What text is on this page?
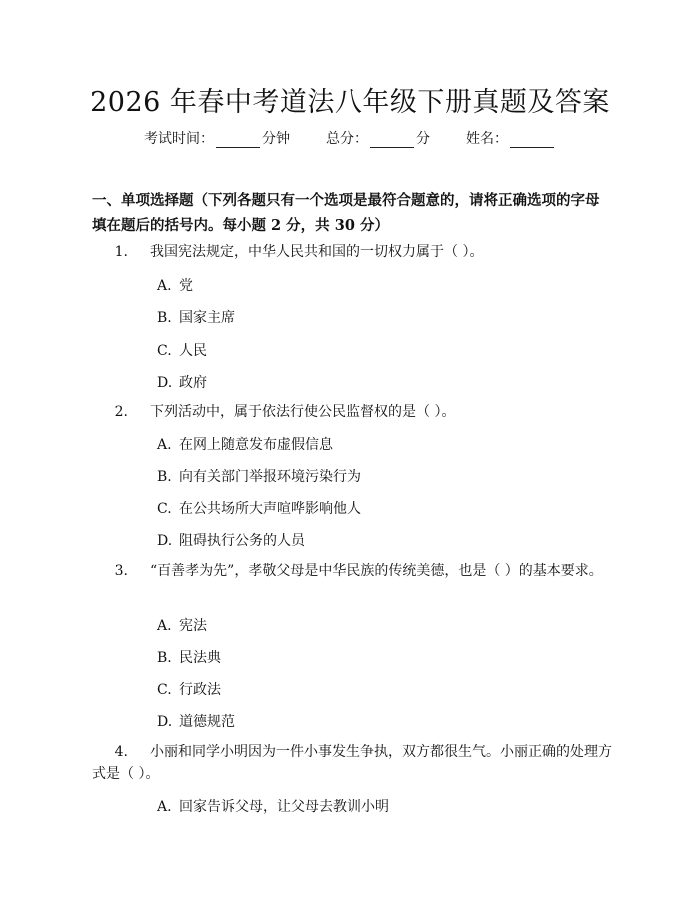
2026 年春中考道法八年级下册真题及答案
考试时间：	分钟	总分：	分	姓名：
一、单项选择题（下列各题只有一个选项是最符合题意的，请将正确选项的字母填在题后的括号内。每小题 2 分，共 30 分）
1. 我国宪法规定，中华人民共和国的一切权力属于（ ）。
A. 党
B. 国家主席
C. 人民
D. 政府
2. 下列活动中，属于依法行使公民监督权的是（ ）。
A. 在网上随意发布虚假信息
B. 向有关部门举报环境污染行为
C. 在公共场所大声喧哗影响他人
D. 阻碍执行公务的人员
3. “百善孝为先”，孝敬父母是中华民族的传统美德，也是（ ）的基本要求。
A. 宪法
B. 民法典
C. 行政法
D. 道德规范
4. 小丽和同学小明因为一件小事发生争执，双方都很生气。小丽正确的处理方式是（ ）。
A. 回家告诉父母，让父母去教训小明
